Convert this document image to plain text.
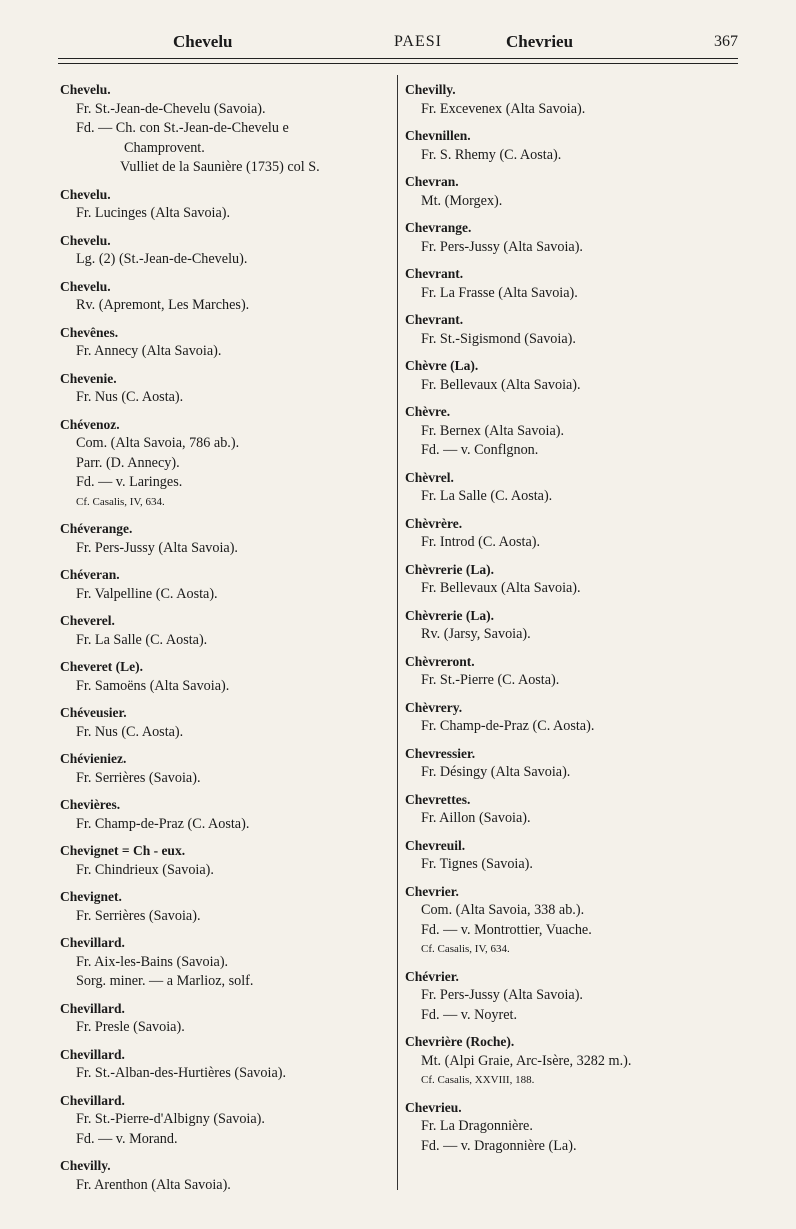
Chevelu	PAESI	Chevrieu	367
Chevelu.
Fr. St.-Jean-de-Chevelu (Savoia).
Fd. — Ch. con St.-Jean-de-Chevelu e
Champrovent.
Vulliet de la Saunière (1735) col S.
Chevelu.
Fr. Lucinges (Alta Savoia).
Chevelu.
Lg. (2) (St.-Jean-de-Chevelu).
Chevelu.
Rv. (Apremont, Les Marches).
Chevênes.
Fr. Annecy (Alta Savoia).
Chevenie.
Fr. Nus (C. Aosta).
Chévenoz.
Com. (Alta Savoia, 786 ab.).
Parr. (D. Annecy).
Fd. — v. Laringes.
Cf. Casalis, IV, 634.
Chéverange.
Fr. Pers-Jussy (Alta Savoia).
Chéveran.
Fr. Valpelline (C. Aosta).
Cheverel.
Fr. La Salle (C. Aosta).
Cheveret (Le).
Fr. Samoëns (Alta Savoia).
Chéveusier.
Fr. Nus (C. Aosta).
Chévieniez.
Fr. Serrières (Savoia).
Chevières.
Fr. Champ-de-Praz (C. Aosta).
Chevignet = Ch - eux.
Fr. Chindrieux (Savoia).
Chevignet.
Fr. Serrières (Savoia).
Chevillard.
Fr. Aix-les-Bains (Savoia).
Sorg. miner. — a Marlioz, solf.
Chevillard.
Fr. Presle (Savoia).
Chevillard.
Fr. St.-Alban-des-Hurtières (Savoia).
Chevillard.
Fr. St.-Pierre-d'Albigny (Savoia).
Fd. — v. Morand.
Chevilly.
Fr. Arenthon (Alta Savoia).
Chevilly.
Fr. Excevenex (Alta Savoia).
Chevnillen.
Fr. S. Rhemy (C. Aosta).
Chevran.
Mt. (Morgex).
Chevrange.
Fr. Pers-Jussy (Alta Savoia).
Chevrant.
Fr. La Frasse (Alta Savoia).
Chevrant.
Fr. St.-Sigismond (Savoia).
Chèvre (La).
Fr. Bellevaux (Alta Savoia).
Chèvre.
Fr. Bernex (Alta Savoia).
Fd. — v. Conflgnon.
Chèvrel.
Fr. La Salle (C. Aosta).
Chèvrère.
Fr. Introd (C. Aosta).
Chèvrerie (La).
Fr. Bellevaux (Alta Savoia).
Chèvrerie (La).
Rv. (Jarsy, Savoia).
Chèvreront.
Fr. St.-Pierre (C. Aosta).
Chèvrery.
Fr. Champ-de-Praz (C. Aosta).
Chevressier.
Fr. Désingy (Alta Savoia).
Chevrettes.
Fr. Aillon (Savoia).
Chevreuil.
Fr. Tignes (Savoia).
Chevrier.
Com. (Alta Savoia, 338 ab.).
Fd. — v. Montrottier, Vuache.
Cf. Casalis, IV, 634.
Chévrier.
Fr. Pers-Jussy (Alta Savoia).
Fd. — v. Noyret.
Chevrière (Roche).
Mt. (Alpi Graie, Arc-Isère, 3282 m.).
Cf. Casalis, XXVIII, 188.
Chevrieu.
Fr. La Dragonnière.
Fd. — v. Dragonnière (La).
